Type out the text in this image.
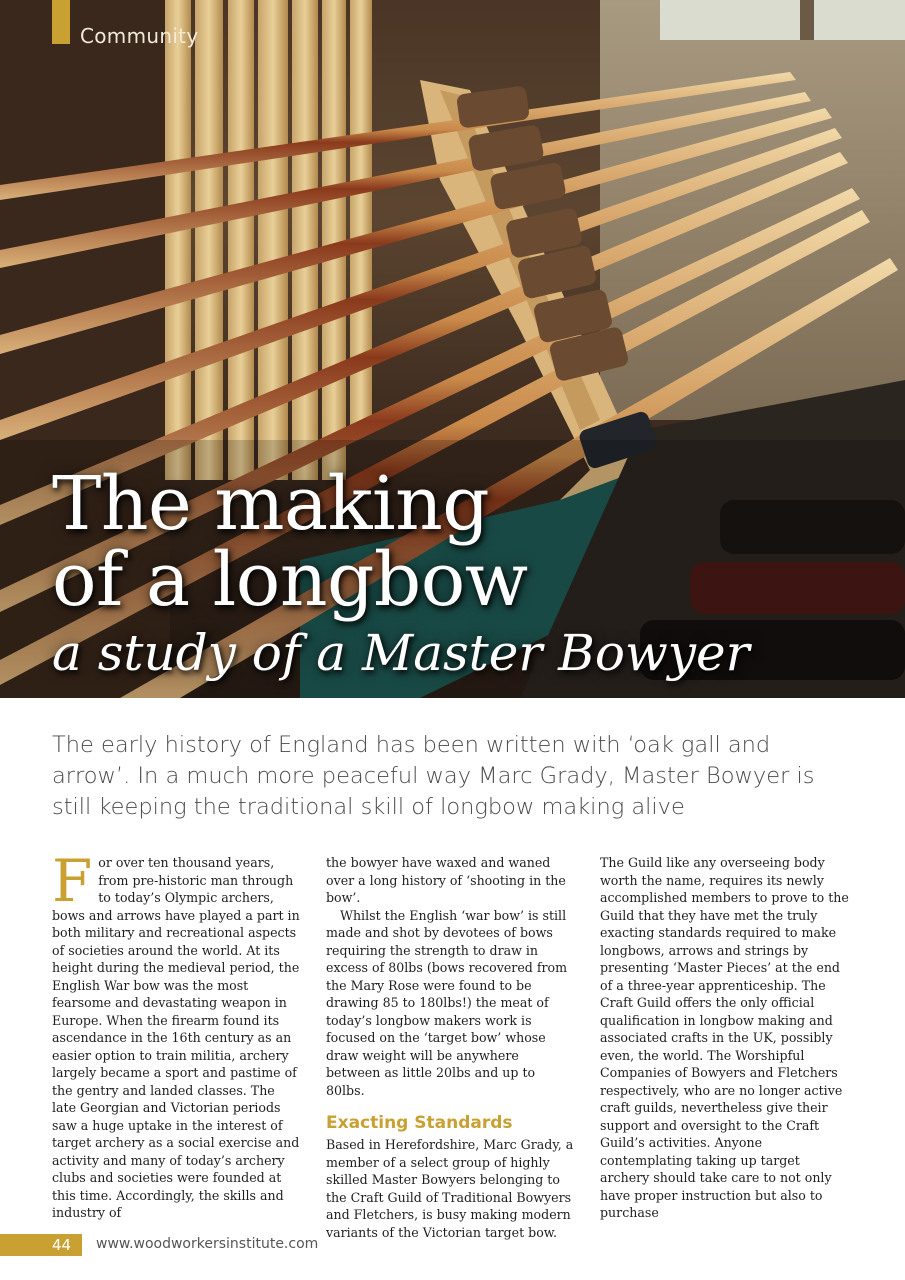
Community
The making
of a longbow
a study of a Master Bowyer
The early history of England has been written with ‘oak gall and arrow’. In a much more peaceful way Marc Grady, Master Bowyer is still keeping the traditional skill of longbow making alive

For over ten thousand years, from pre-historic man through to today’s Olympic archers, bows and arrows have played a part in both military and recreational aspects of societies around the world. At its height during the medieval period, the English War bow was the most fearsome and devastating weapon in Europe. When the firearm found its ascendance in the 16th century as an easier option to train militia, archery largely became a sport and pastime of the gentry and landed classes. The late Georgian and Victorian periods saw a huge uptake in the interest of target archery as a social exercise and activity and many of today’s archery clubs and societies were founded at this time. Accordingly, the skills and industry of

the bowyer have waxed and waned over a long history of ‘shooting in the bow’.

Whilst the English ‘war bow’ is still made and shot by devotees of bows requiring the strength to draw in excess of 80lbs (bows recovered from the Mary Rose were found to be drawing 85 to 180lbs!) the meat of today’s longbow makers work is focused on the ‘target bow’ whose draw weight will be anywhere between as little 20lbs and up to 80lbs.

Exacting Standards

Based in Herefordshire, Marc Grady, a member of a select group of highly skilled Master Bowyers belonging to the Craft Guild of Traditional Bowyers and Fletchers, is busy making modern variants of the Victorian target bow.

The Guild like any overseeing body worth the name, requires its newly accomplished members to prove to the Guild that they have met the truly exacting standards required to make longbows, arrows and strings by presenting ‘Master Pieces’ at the end of a three-year apprenticeship. The Craft Guild offers the only official qualification in longbow making and associated crafts in the UK, possibly even, the world. The Worshipful Companies of Bowyers and Fletchers respectively, who are no longer active craft guilds, nevertheless give their support and oversight to the Craft Guild’s activities. Anyone contemplating taking up target archery should take care to not only have proper instruction but also to purchase

44 www.woodworkersinstitute.com
